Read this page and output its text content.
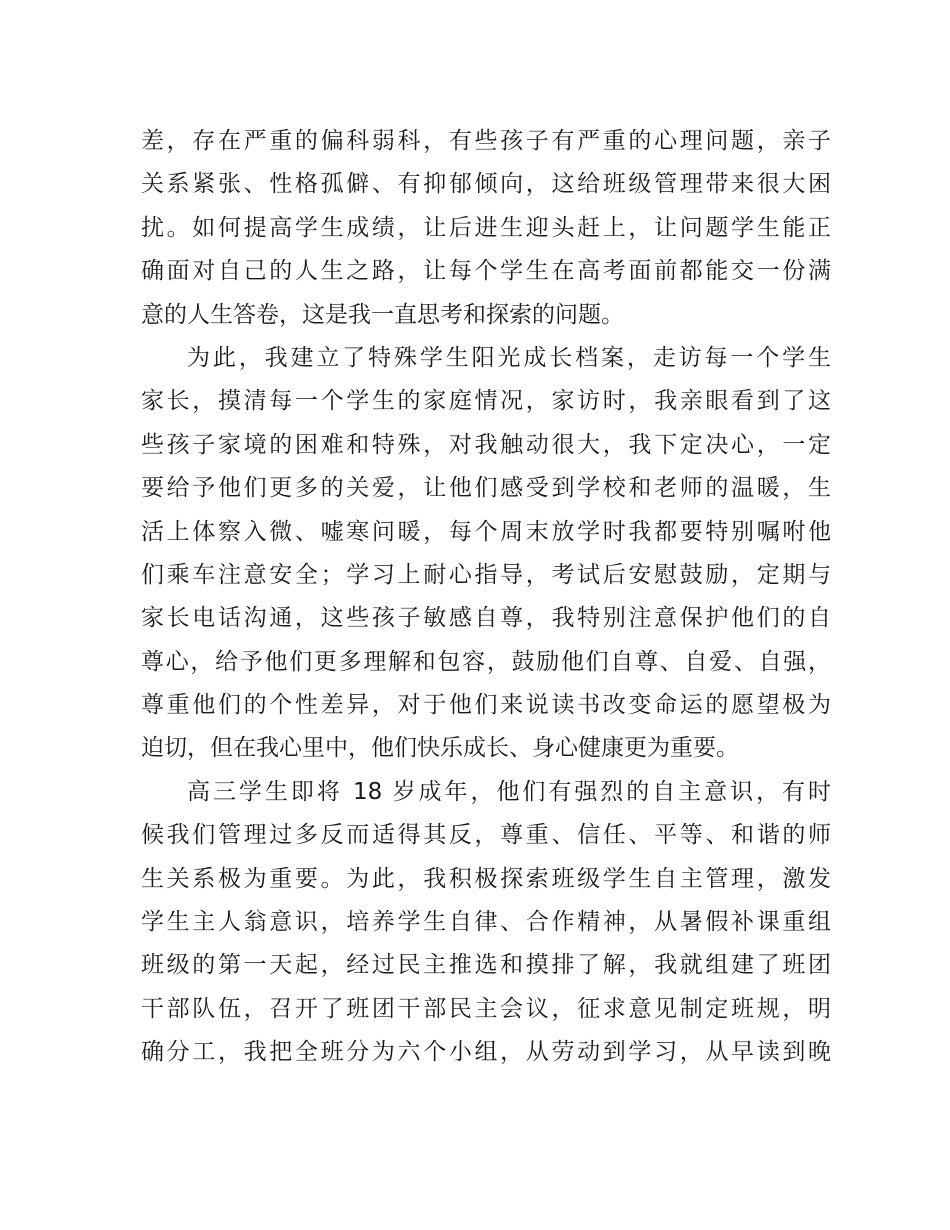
差，存在严重的偏科弱科，有些孩子有严重的心理问题，亲子

关系紧张、性格孤僻、有抑郁倾向，这给班级管理带来很大困

扰。如何提高学生成绩，让后进生迎头赶上，让问题学生能正

确面对自己的人生之路，让每个学生在高考面前都能交一份满

意的人生答卷，这是我一直思考和探索的问题。

为此，我建立了特殊学生阳光成长档案，走访每一个学生

家长，摸清每一个学生的家庭情况，家访时，我亲眼看到了这

些孩子家境的困难和特殊，对我触动很大，我下定决心，一定

要给予他们更多的关爱，让他们感受到学校和老师的温暖，生

活上体察入微、嘘寒问暖，每个周末放学时我都要特别嘱咐他

们乘车注意安全；学习上耐心指导，考试后安慰鼓励，定期与

家长电话沟通，这些孩子敏感自尊，我特别注意保护他们的自

尊心，给予他们更多理解和包容，鼓励他们自尊、自爱、自强，

尊重他们的个性差异，对于他们来说读书改变命运的愿望极为

迫切，但在我心里中，他们快乐成长、身心健康更为重要。

高三学生即将 18 岁成年，他们有强烈的自主意识，有时

候我们管理过多反而适得其反，尊重、信任、平等、和谐的师

生关系极为重要。为此，我积极探索班级学生自主管理，激发

学生主人翁意识，培养学生自律、合作精神，从暑假补课重组

班级的第一天起，经过民主推选和摸排了解，我就组建了班团

干部队伍，召开了班团干部民主会议，征求意见制定班规，明

确分工，我把全班分为六个小组，从劳动到学习，从早读到晚
